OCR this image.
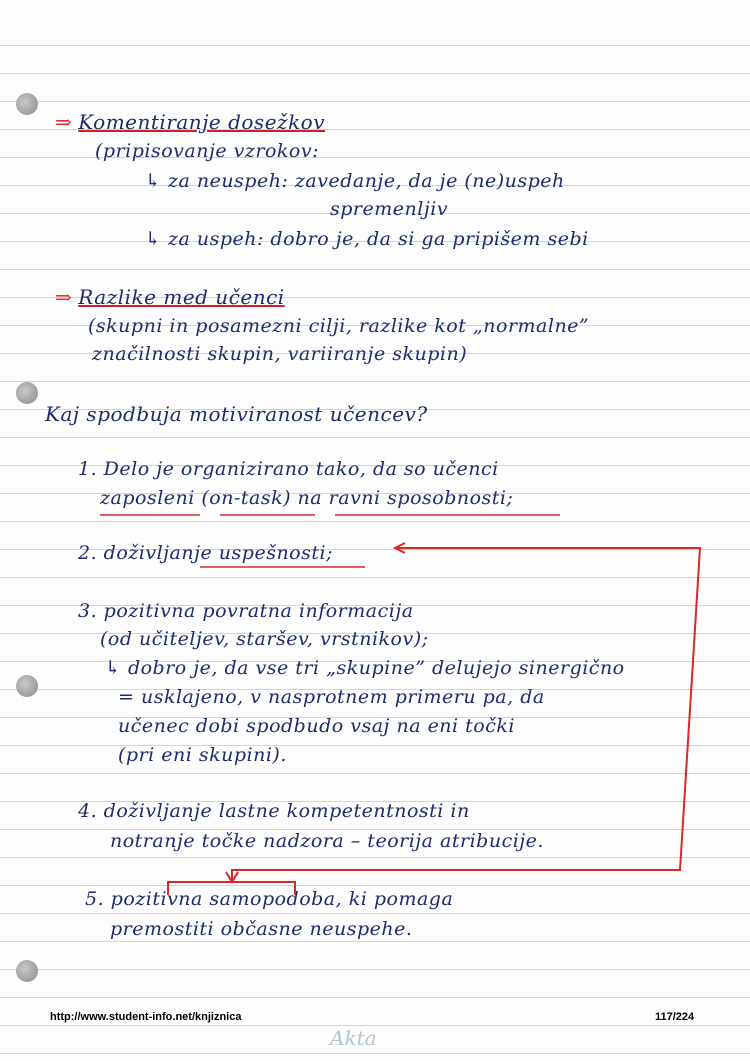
⇒ Komentiranje dosežkov
(pripisovanje vzrokov:
↳ za neuspeh: zavedanje, da je (ne)uspeh
spremenljiv
↳ za uspeh: dobro je, da si ga pripišem sebi
⇒ Razlike med učenci
(skupni in posamezni cilji, razlike kot „normalne”
značilnosti skupin, variiranje skupin)
Kaj spodbuja motiviranost učencev?
1. Delo je organizirano tako, da so učenci
zaposleni (on-task) na ravni sposobnosti;
2. doživljanje uspešnosti;
3. pozitivna povratna informacija
(od učiteljev, staršev, vrstnikov);
↳ dobro je, da vse tri „skupine” delujejo sinergično
= usklajeno, v nasprotnem primeru pa, da
učenec dobi spodbudo vsaj na eni točki
(pri eni skupini).
4. doživljanje lastne kompetentnosti in
notranje točke nadzora – teorija atribucije.
5. pozitivna samopodoba, ki pomaga
premostiti občasne neuspehe.
http://www.student-info.net/knjiznica	117/224
Akta
